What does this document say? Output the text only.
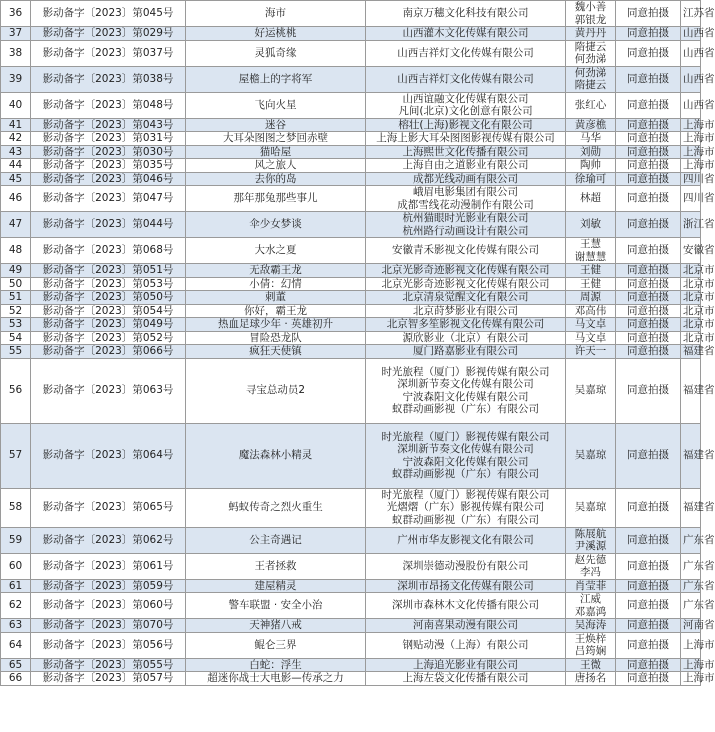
36	影动备字〔2023〕第045号	海市	南京万穗文化科技有限公司	魏小善
郭银龙	同意拍摄	江苏省
37	影动备字〔2023〕第029号	好运桃桃	山西灌木文化传媒有限公司	黄丹丹	同意拍摄	山西省
38	影动备字〔2023〕第037号	灵狐奇缘	山西吉祥灯文化传媒有限公司	隋捷云
何劲涕	同意拍摄	山西省
39	影动备字〔2023〕第038号	屋檐上的字将军	山西吉祥灯文化传媒有限公司	何劲涕
隋捷云	同意拍摄	山西省
40	影动备字〔2023〕第048号	飞向火星	山西谊融文化传媒有限公司
凡间(北京)文化创意有限公司	张红心	同意拍摄	山西省
41	影动备字〔2023〕第043号	迷谷	榕壮(上海)影视文化有限公司	黄彦樵	同意拍摄	上海市
42	影动备字〔2023〕第031号	大耳朵图图之梦回赤壁	上海上影大耳朵图图影视传媒有限公司	马华	同意拍摄	上海市
43	影动备字〔2023〕第030号	猫哈屋	上海熙世文化传播有限公司	刘勋	同意拍摄	上海市
44	影动备字〔2023〕第035号	风之旅人	上海自由之道影业有限公司	陶帅	同意拍摄	上海市
45	影动备字〔2023〕第046号	去你的岛	成都光线动画有限公司	徐瑜可	同意拍摄	四川省
46	影动备字〔2023〕第047号	那年那兔那些事儿	峨眉电影集团有限公司
成都雪线花动漫制作有限公司	林超	同意拍摄	四川省
47	影动备字〔2023〕第044号	伞少女梦谈	杭州猫眼时光影业有限公司
杭州路行动画设计有限公司	刘敏	同意拍摄	浙江省
48	影动备字〔2023〕第068号	大水之夏	安徽青禾影视文化传媒有限公司	王慧
谢慧慧	同意拍摄	安徽省
49	影动备字〔2023〕第051号	无敌霸王龙	北京光影奇迹影视文化传媒有限公司	王健	同意拍摄	北京市
50	影动备字〔2023〕第053号	小倩：幻情	北京光影奇迹影视文化传媒有限公司	王健	同意拍摄	北京市
51	影动备字〔2023〕第050号	刺董	北京清泉觉醒文化有限公司	周源	同意拍摄	北京市
52	影动备字〔2023〕第054号	你好，霸王龙	北京莳梦影业有限公司	邓高伟	同意拍摄	北京市
53	影动备字〔2023〕第049号	热血足球少年 · 英雄初升	北京智多笙影视文化传媒有限公司	马文卓	同意拍摄	北京市
54	影动备字〔2023〕第052号	冒险恐龙队	源欣影业（北京）有限公司	马文卓	同意拍摄	北京市
55	影动备字〔2023〕第066号	疯狂天使镇	厦门路嘉影业有限公司	许天一	同意拍摄	福建省
56	影动备字〔2023〕第063号	寻宝总动员2	时光旅程（厦门）影视传媒有限公司
深圳新节奏文化传媒有限公司
宁波森阳文化传媒有限公司
蚁群动画影视（广东）有限公司	吴嘉琼	同意拍摄	福建省
57	影动备字〔2023〕第064号	魔法森林小精灵	时光旅程（厦门）影视传媒有限公司
深圳新节奏文化传媒有限公司
宁波森阳文化传媒有限公司
蚁群动画影视（广东）有限公司	吴嘉琼	同意拍摄	福建省
58	影动备字〔2023〕第065号	蚂蚁传奇之烈火重生	时光旅程（厦门）影视传媒有限公司
光熠熠（广东）影视传媒有限公司
蚁群动画影视（广东）有限公司	吴嘉琼	同意拍摄	福建省
59	影动备字〔2023〕第062号	公主奇遇记	广州市华友影视文化有限公司	陈展航
尹溪源	同意拍摄	广东省
60	影动备字〔2023〕第061号	王者拯救	深圳崇德动漫股份有限公司	赵先德
李冯	同意拍摄	广东省
61	影动备字〔2023〕第059号	建屋精灵	深圳市昂扬文化传媒有限公司	肖莹菲	同意拍摄	广东省
62	影动备字〔2023〕第060号	警车联盟 · 安全小治	深圳市森林木文化传播有限公司	江威
邓嘉鸿	同意拍摄	广东省
63	影动备字〔2023〕第070号	天神猪八戒	河南喜果动漫有限公司	吴海涛	同意拍摄	河南省
64	影动备字〔2023〕第056号	鲲仑三界	钢贴动漫（上海）有限公司	王焕梓
吕筠娴	同意拍摄	上海市
65	影动备字〔2023〕第055号	白蛇：浮生	上海追光影业有限公司	王微	同意拍摄	上海市
66	影动备字〔2023〕第057号	超迷你战士大电影—传承之力	上海左袋文化传播有限公司	唐扬名	同意拍摄	上海市
